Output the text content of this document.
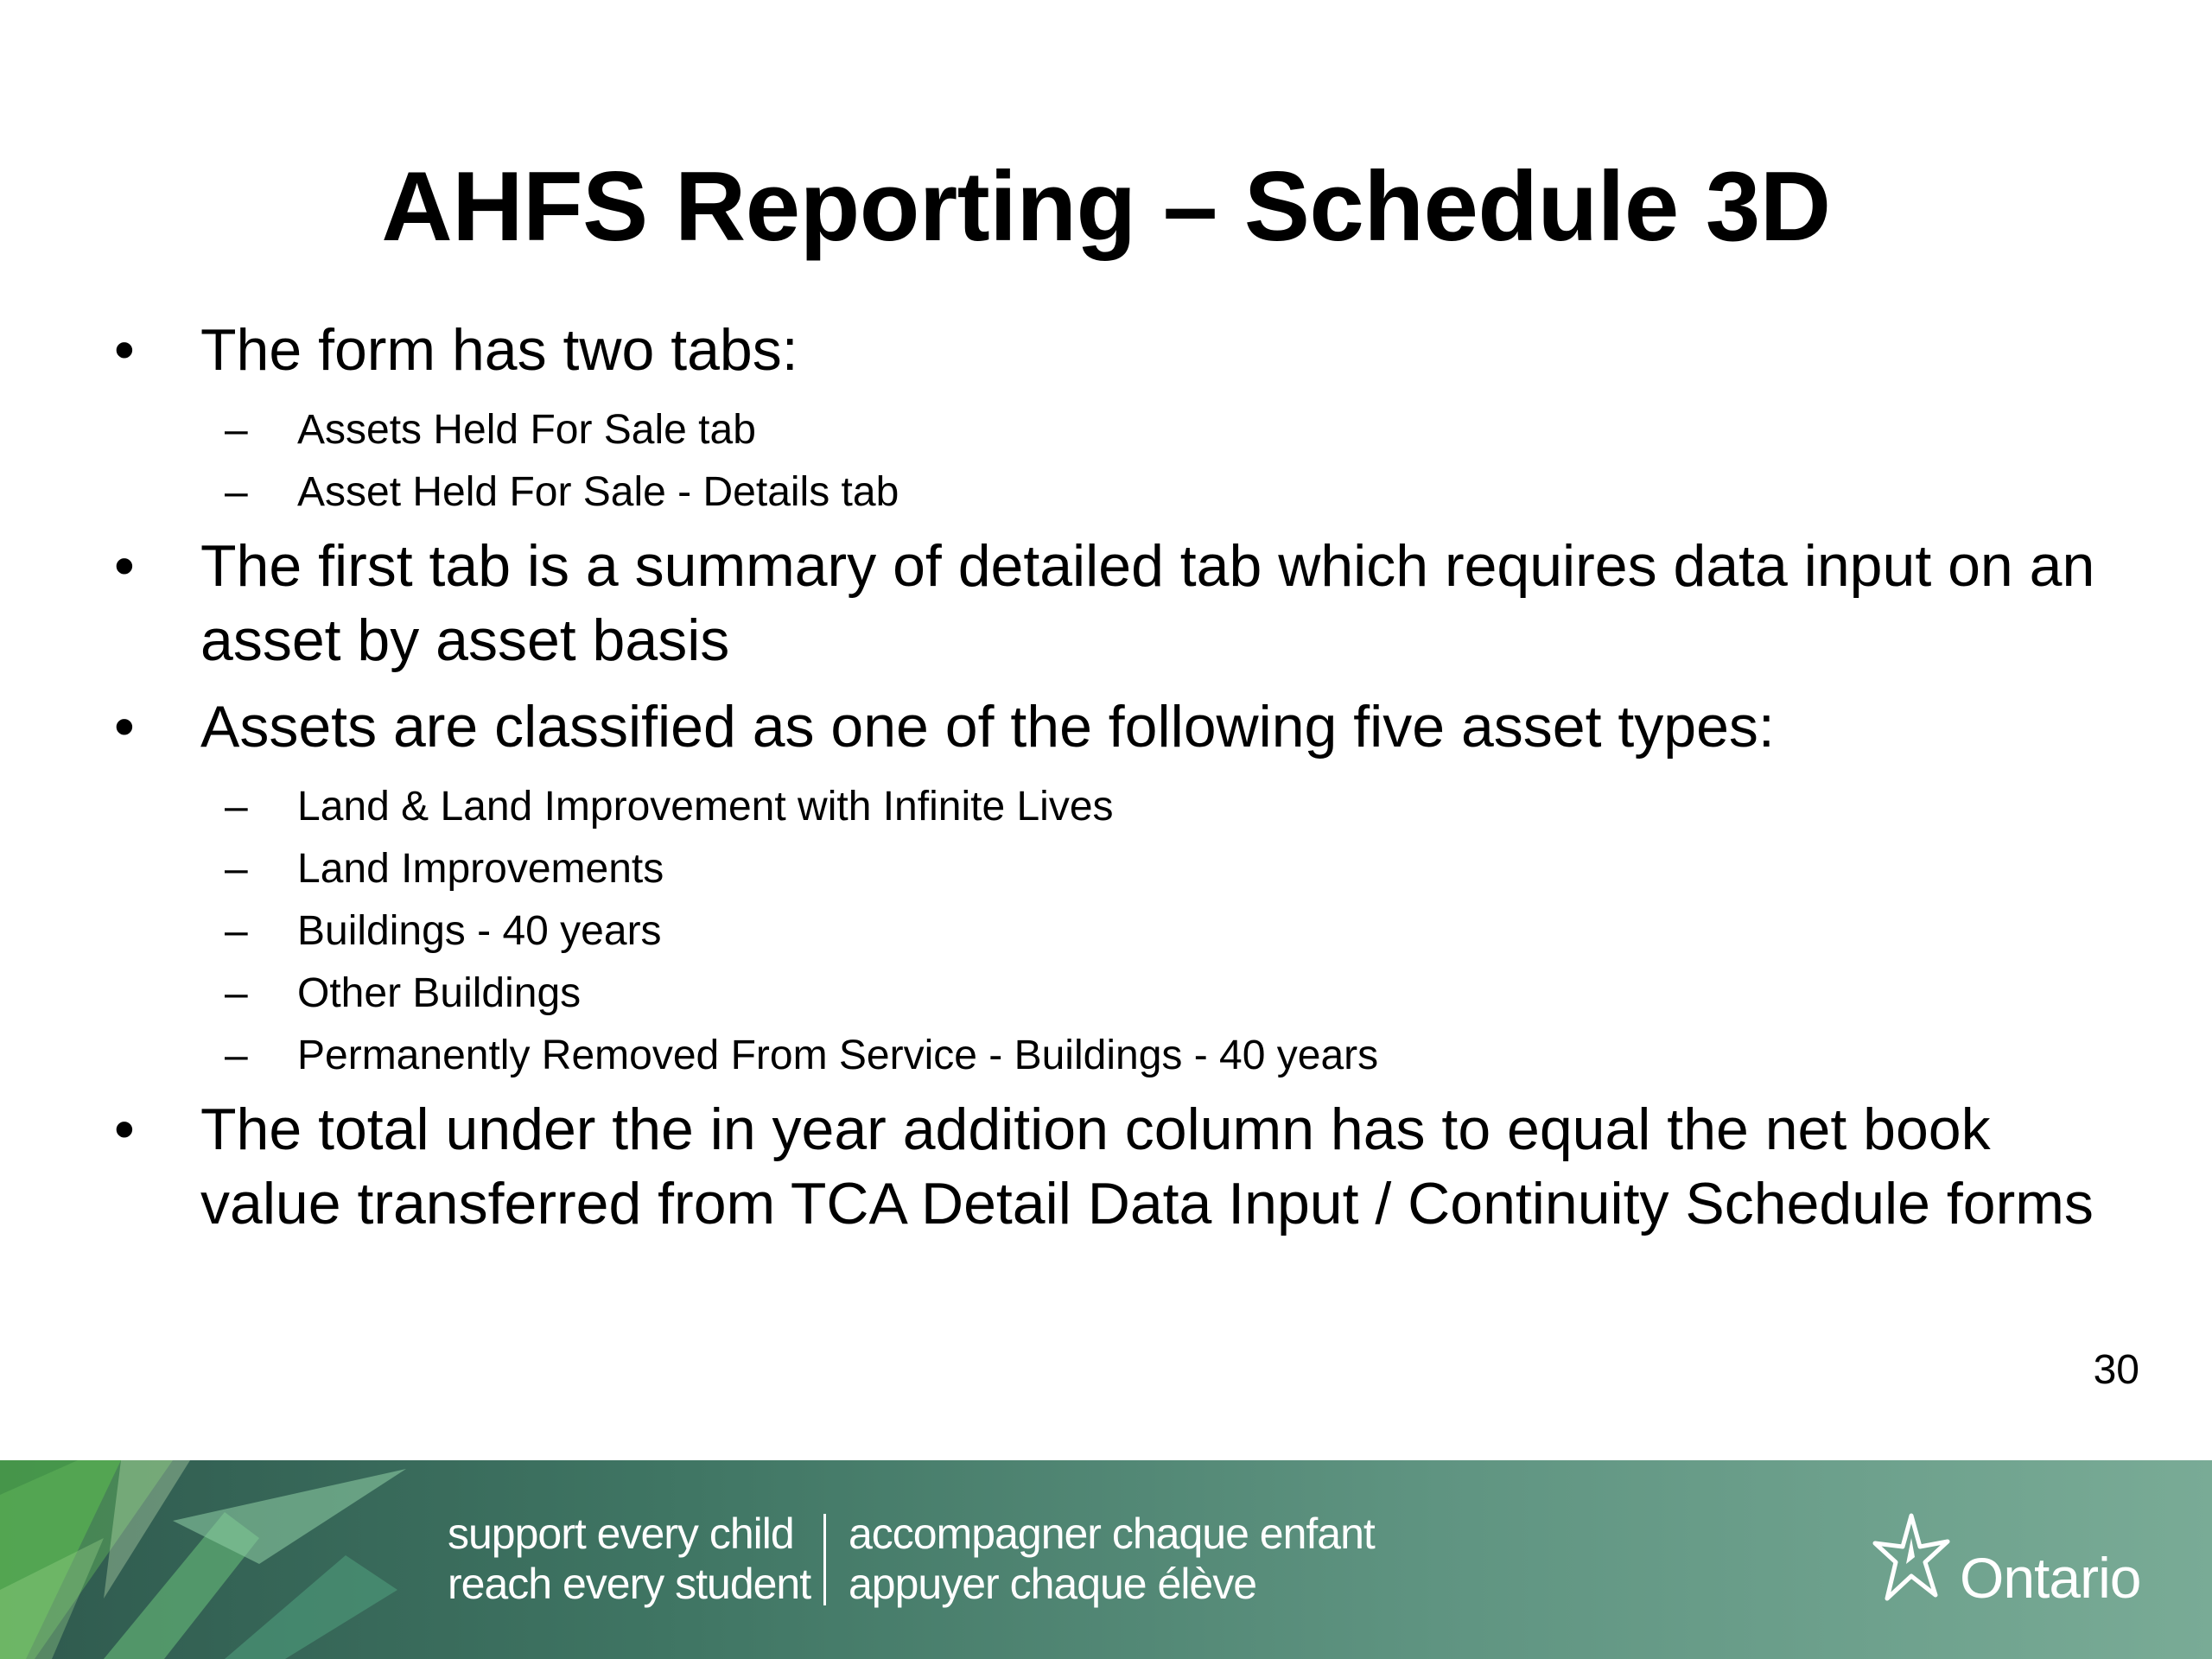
AHFS Reporting – Schedule 3D
• The form has two tabs:
– Assets Held For Sale tab
– Asset Held For Sale - Details tab
• The first tab is a summary of detailed tab which requires data input on an asset by asset basis
• Assets are classified as one of the following five asset types:
– Land & Land Improvement with Infinite Lives
– Land Improvements
– Buildings - 40 years
– Other Buildings
– Permanently Removed From Service - Buildings - 40 years
• The total under the in year addition column has to equal the net book value transferred from TCA Detail Data Input / Continuity Schedule forms
30
support every child
reach every student
accompagner chaque enfant
appuyer chaque élève	Ontario
